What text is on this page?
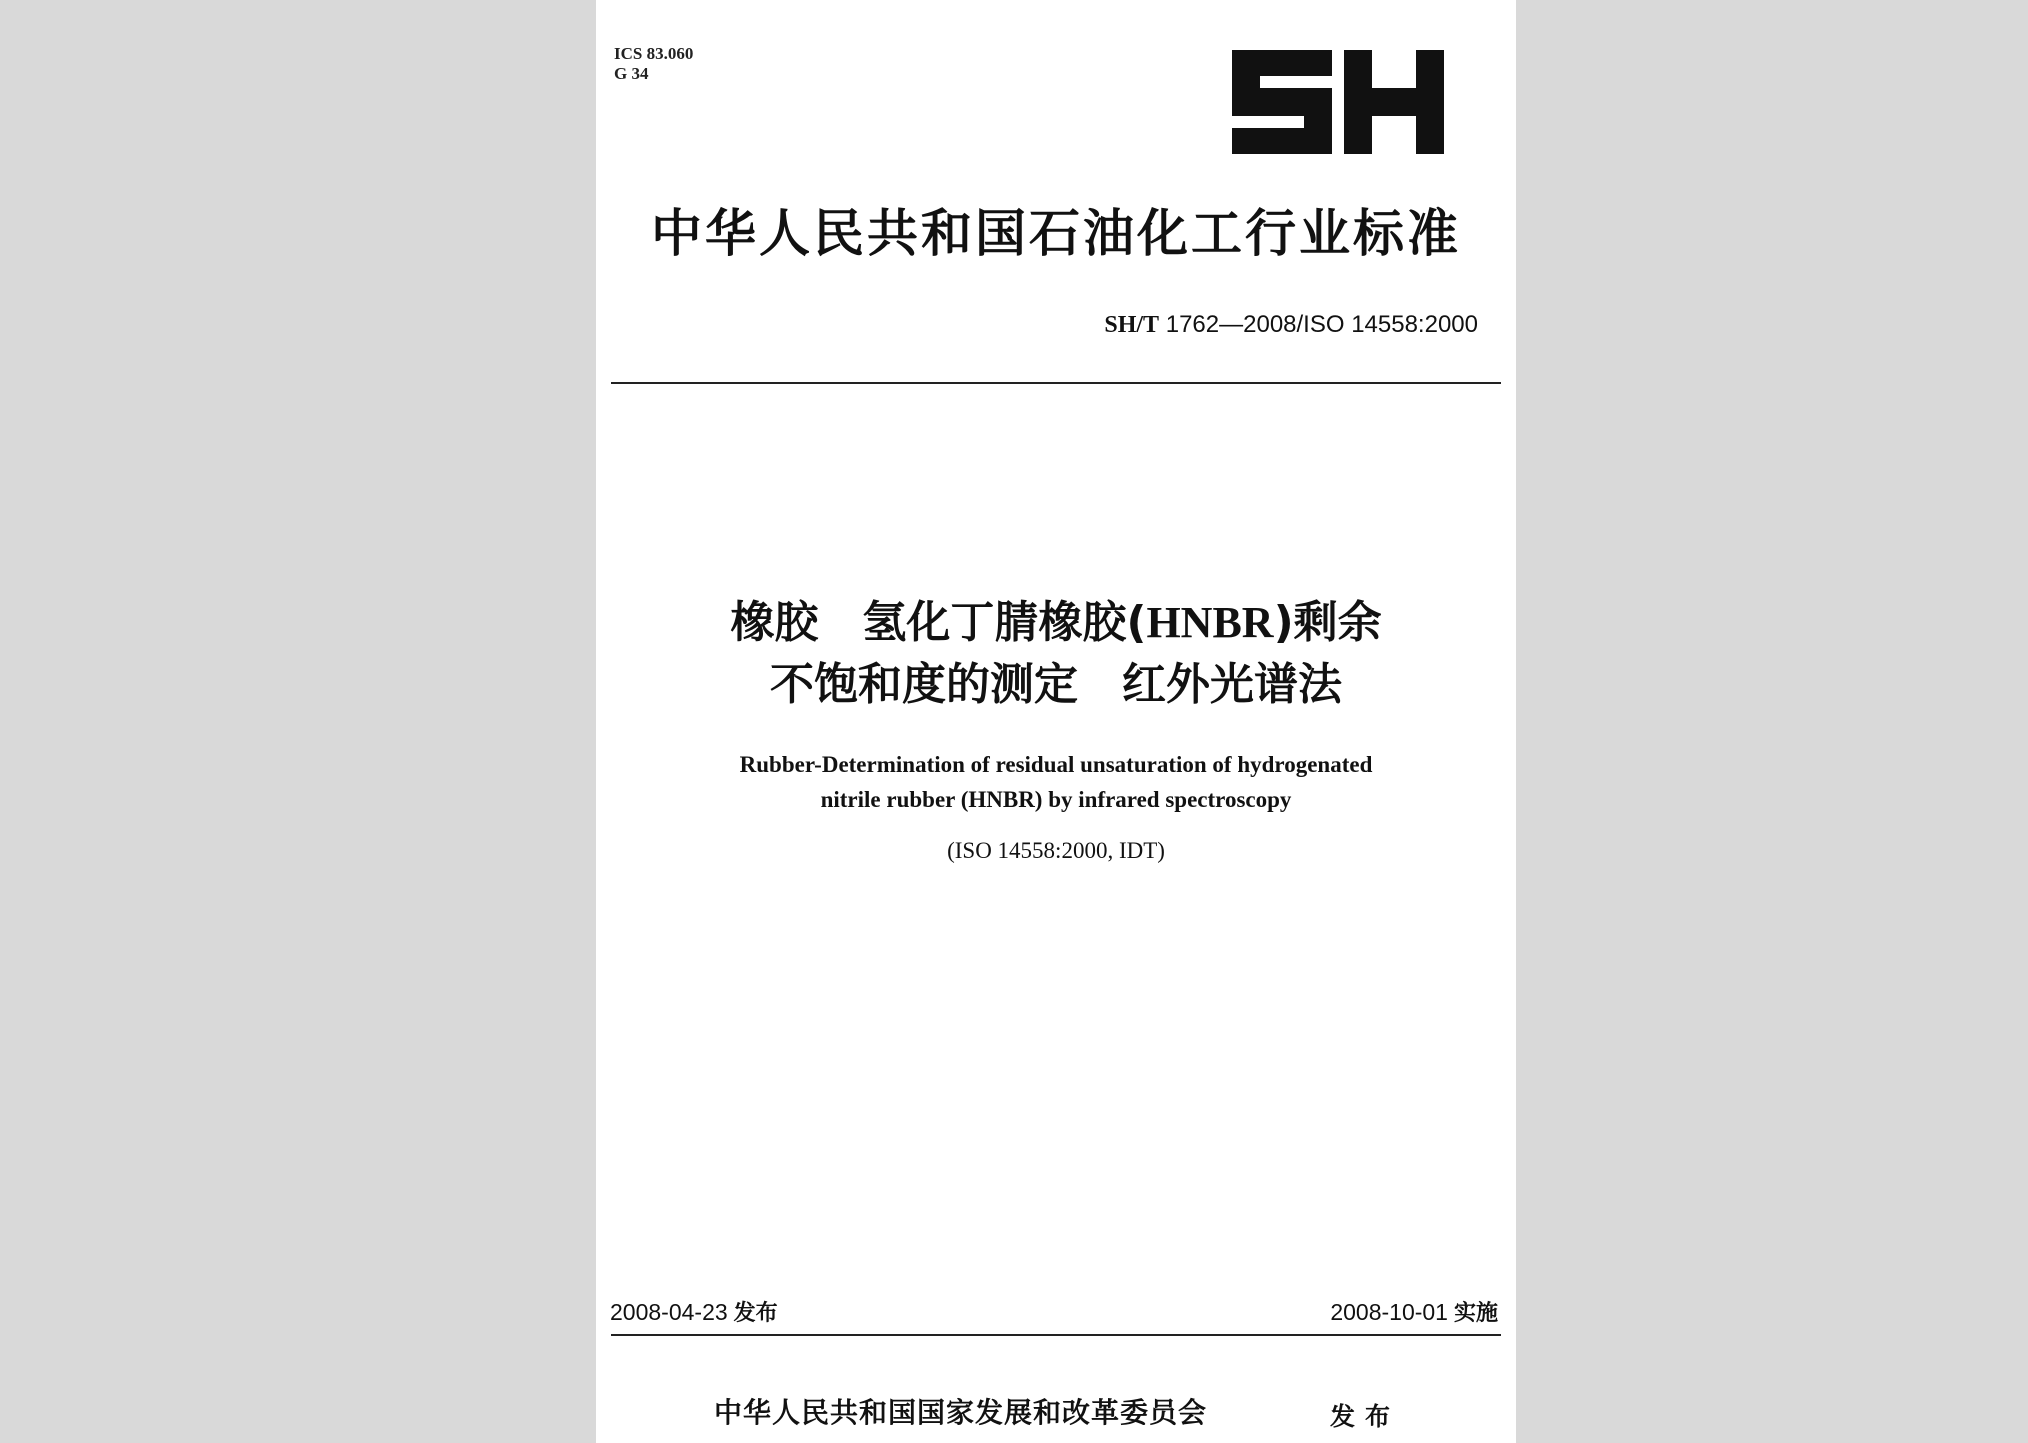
ICS 83.060
G 34
中华人民共和国石油化工行业标准
SH/T 1762—2008/ISO 14558:2000
橡胶　氢化丁腈橡胶(HNBR)剩余
不饱和度的测定　红外光谱法
Rubber-Determination of residual unsaturation of hydrogenated
nitrile rubber (HNBR) by infrared spectroscopy
(ISO 14558:2000, IDT)
2008-04-23 发布	2008-10-01 实施
中华人民共和国国家发展和改革委员会	发布
